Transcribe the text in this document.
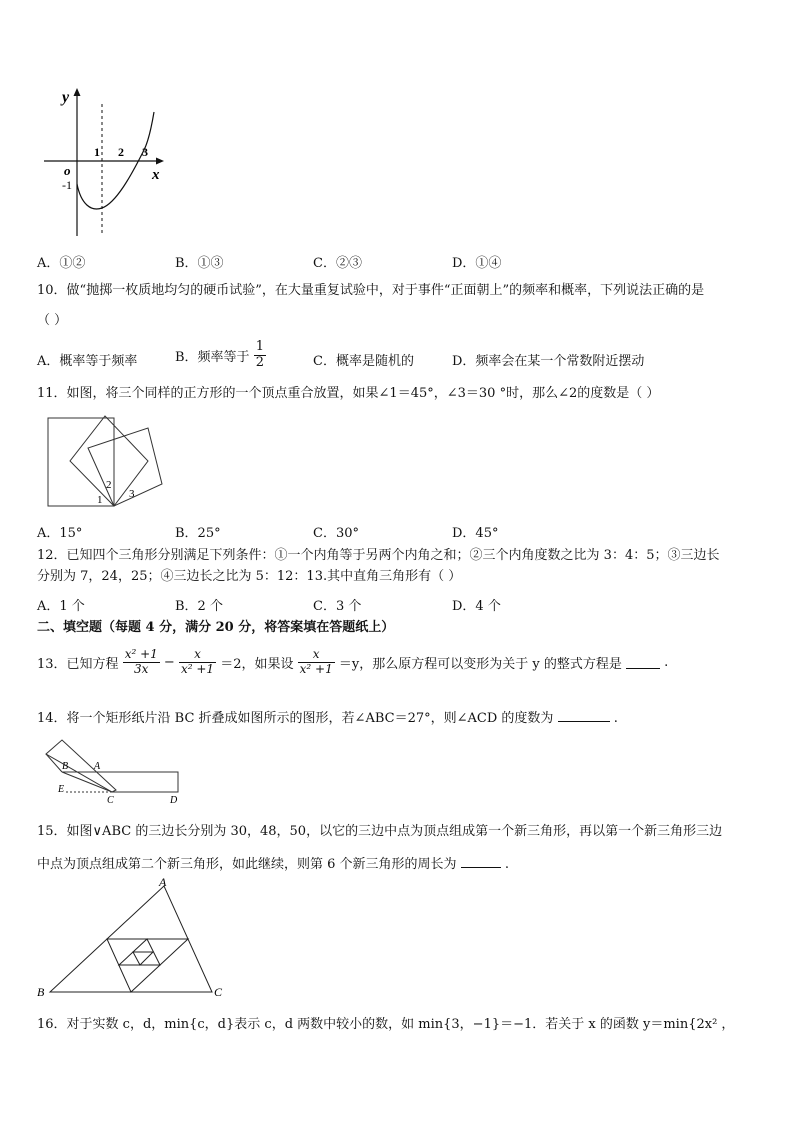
y
x
o
-1
1 2 3
A．①②	B．①③	C．②③	D．①④
10．做“抛掷一枚质地均匀的硬币试验”，在大量重复试验中，对于事件“正面朝上”的频率和概率，下列说法正确的是
（ ）
A．概率等于频率	B．频率等于 $\frac{1}{2}$	C．概率是随机的	D．频率会在某一个常数附近摆动
11．如图，将三个同样的正方形的一个顶点重合放置，如果∠1＝45°，∠3＝30 °时，那么∠2的度数是（ ）
1
2
3
A．15°	B．25°	C．30°	D．45°
12．已知四个三角形分别满足下列条件：①一个内角等于另两个内角之和；②三个内角度数之比为 3：4：5；③三边长
分别为 7，24，25；④三边长之比为 5：12：13.其中直角三角形有（ ）
A．1 个	B．2 个	C．3 个	D．4 个
二、填空题（每题 4 分，满分 20 分，将答案填在答题纸上）
13．已知方程 $\frac{\text{x² +1}}{3x} - \frac{x}{\text{x² +1}} =2$，如果设 $\frac{x}{\text{x² +1}} =y$，那么原方程可以变形为关于 y 的整式方程是	.
14．将一个矩形纸片沿 BC 折叠成如图所示的图形，若∠ABC＝27°，则∠ACD 的度数为	.
B	A
E
C	D
15．如图∨ABC 的三边长分别为 30，48，50，以它的三边中点为顶点组成第一个新三角形，再以第一个新三角形三边
中点为顶点组成第二个新三角形，如此继续，则第 6 个新三角形的周长为	.
A
B	C
16．对于实数 c，d，min{c，d}表示 c，d 两数中较小的数，如 min{3，−1}＝−1．若关于 x 的函数 y＝min{2x² ，
